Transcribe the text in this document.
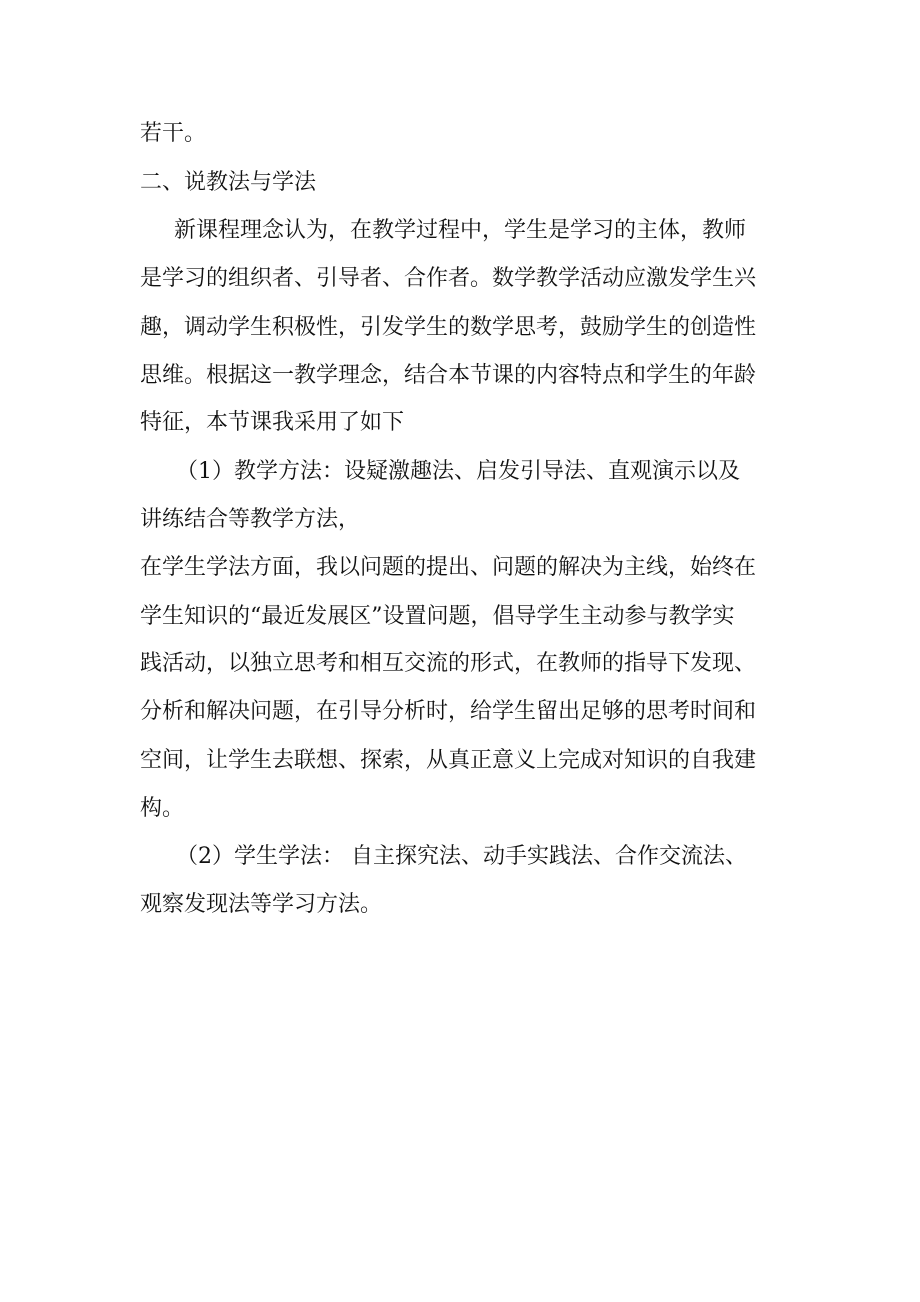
若干。
二、说教法与学法
新课程理念认为，在教学过程中，学生是学习的主体，教师
是学习的组织者、引导者、合作者。数学教学活动应激发学生兴
趣，调动学生积极性，引发学生的数学思考，鼓励学生的创造性
思维。根据这一教学理念，结合本节课的内容特点和学生的年龄
特征，本节课我采用了如下
（1）教学方法：设疑激趣法、启发引导法、直观演示以及
讲练结合等教学方法，
在学生学法方面，我以问题的提出、问题的解决为主线，始终在
学生知识的“最近发展区”设置问题，倡导学生主动参与教学实
践活动，以独立思考和相互交流的形式，在教师的指导下发现、
分析和解决问题，在引导分析时，给学生留出足够的思考时间和
空间，让学生去联想、探索，从真正意义上完成对知识的自我建
构。
（2）学生学法： 自主探究法、动手实践法、合作交流法、
观察发现法等学习方法。
